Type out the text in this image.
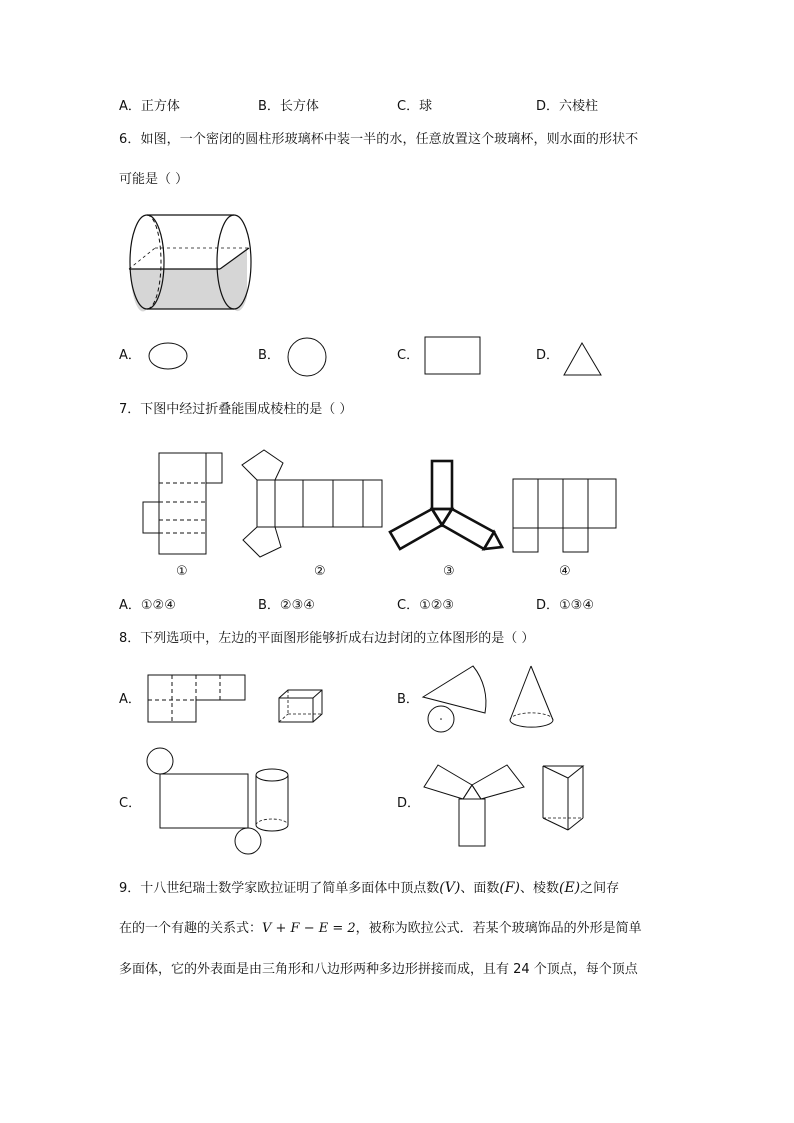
A．正方体	B．长方体	C．球	D．六棱柱
6．如图，一个密闭的圆柱形玻璃杯中装一半的水，任意放置这个玻璃杯，则水面的形状不
可能是（ ）
A．	B．	C．	D．
7．下图中经过折叠能围成棱柱的是（ ）
①	②	③	④
A．①②④	B．②③④	C．①②③	D．①③④
8．下列选项中，左边的平面图形能够折成右边封闭的立体图形的是（ ）
A．	B．
C．	D．
9．十八世纪瑞士数学家欧拉证明了简单多面体中顶点数(V)、面数(F)、棱数(E)之间存
在的一个有趣的关系式：V + F − E = 2，被称为欧拉公式．若某个玻璃饰品的外形是简单
多面体，它的外表面是由三角形和八边形两种多边形拼接而成，且有 24 个顶点，每个顶点
